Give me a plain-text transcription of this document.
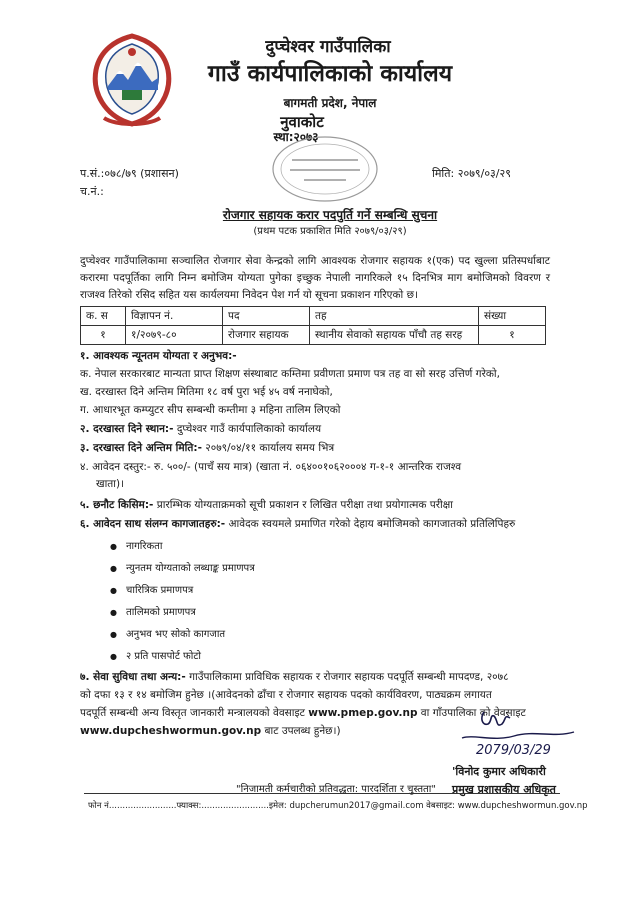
दुप्चेश्वर गाउँपालिका
गाउँ कार्यपालिकाको कार्यालय
बागमती प्रदेश, नेपाल
नुवाकोट
स्था:२०७३
प.सं.:०७८/७९ (प्रशासन)
च.नं.:
मिति: २०७९/०३/२९
रोजगार सहायक करार पदपुर्ति गर्ने सम्बन्धि सुचना
(प्रथम पटक प्रकाशित मिति २०७९/०३/२९)
दुप्चेश्वर गाउँपालिकामा सञ्चालित रोजगार सेवा केन्द्रको लागि आवश्यक रोजगार सहायक १(एक) पद खुल्ला प्रतिस्पर्धाबाट करारमा पदपूर्तिका लागि निम्न बमोजिम योग्यता पुगेका इच्छुक नेपाली नागरिकले १५ दिनभित्र माग बमोजिमको विवरण र राजश्व तिरेको रसिद सहित यस कार्यलयमा निवेदन पेश गर्न यो सूचना प्रकाशन गरिएको छ।
क. स	विज्ञापन नं.	पद	तह	संख्या
१	१/२०७९-८०	रोजगार सहायक	स्थानीय सेवाको सहायक पाँचौ तह सरह	१
१. आवश्यक न्यूनतम योग्यता र अनुभव:-
क. नेपाल सरकारबाट मान्यता प्राप्त शिक्षण संस्थाबाट कम्तिमा प्रवीणता प्रमाण पत्र तह वा सो सरह उत्तिर्ण गरेको,
ख. दरखास्त दिने अन्तिम मितिमा १८ वर्ष पुरा भई ४५ वर्ष ननाघेको,
ग. आधारभूत कम्प्युटर सीप सम्बन्धी कम्तीमा ३ महिना तालिम लिएको
२. दरखास्त दिने स्थान:- दुप्चेश्वर गाउँ कार्यपालिकाको कार्यालय
३. दरखास्त दिने अन्तिम मिति:- २०७९/०४/११ कार्यालय समय भित्र
४. आवेदन दस्तुर:- रु. ५००/- (पाचँ सय मात्र) (खाता नं. ०६४००१०६२०००४ ग-१-१ आन्तरिक राजश्व
खाता)।
५. छनौट किसिम:- प्रारम्भिक योग्यताक्रमको सूची प्रकाशन र लिखित परीक्षा तथा प्रयोगात्मक परीक्षा
६. आवेदन साथ संलग्न कागजातहरु:- आवेदक स्वयमले प्रमाणित गरेको देहाय बमोजिमको कागजातको प्रतिलिपिहरु
● नागरिकता
● न्युनतम योग्यताको लब्धाङ्क प्रमाणपत्र
● चारित्रिक प्रमाणपत्र
● तालिमको प्रमाणपत्र
● अनुभव भए सोको कागजात
● २ प्रति पासपोर्ट फोटो
७. सेवा सुविधा तथा अन्य:- गाउँपालिकामा प्राविधिक सहायक र रोजगार सहायक पदपूर्ति सम्बन्धी मापदण्ड, २०७८
को दफा १३ र १४ बमोजिम हुनेछ ।(आवेदनको ढाँचा र रोजगार सहायक पदको कार्यविवरण, पाठ्यक्रम लगायत
पदपूर्ति सम्बन्धी अन्य विस्तृत जानकारी मन्त्रालयको वेवसाइट www.pmep.gov.np वा गाँउपालिका को वेवसाइट
www.dupcheshwormun.gov.np बाट उपलब्ध हुनेछ।)
2079/03/29
'विनोद कुमार अधिकारी
प्रमुख प्रशासकीय अधिकृत
"निजामती कर्मचारीको प्रतिवद्धता: पारदर्शिता र चुस्तता"
फोन नं.........................फ्याक्स:.........................इमेल: dupcherumun2017@gmail.com वेबसाइट: www.dupcheshwormun.gov.np
